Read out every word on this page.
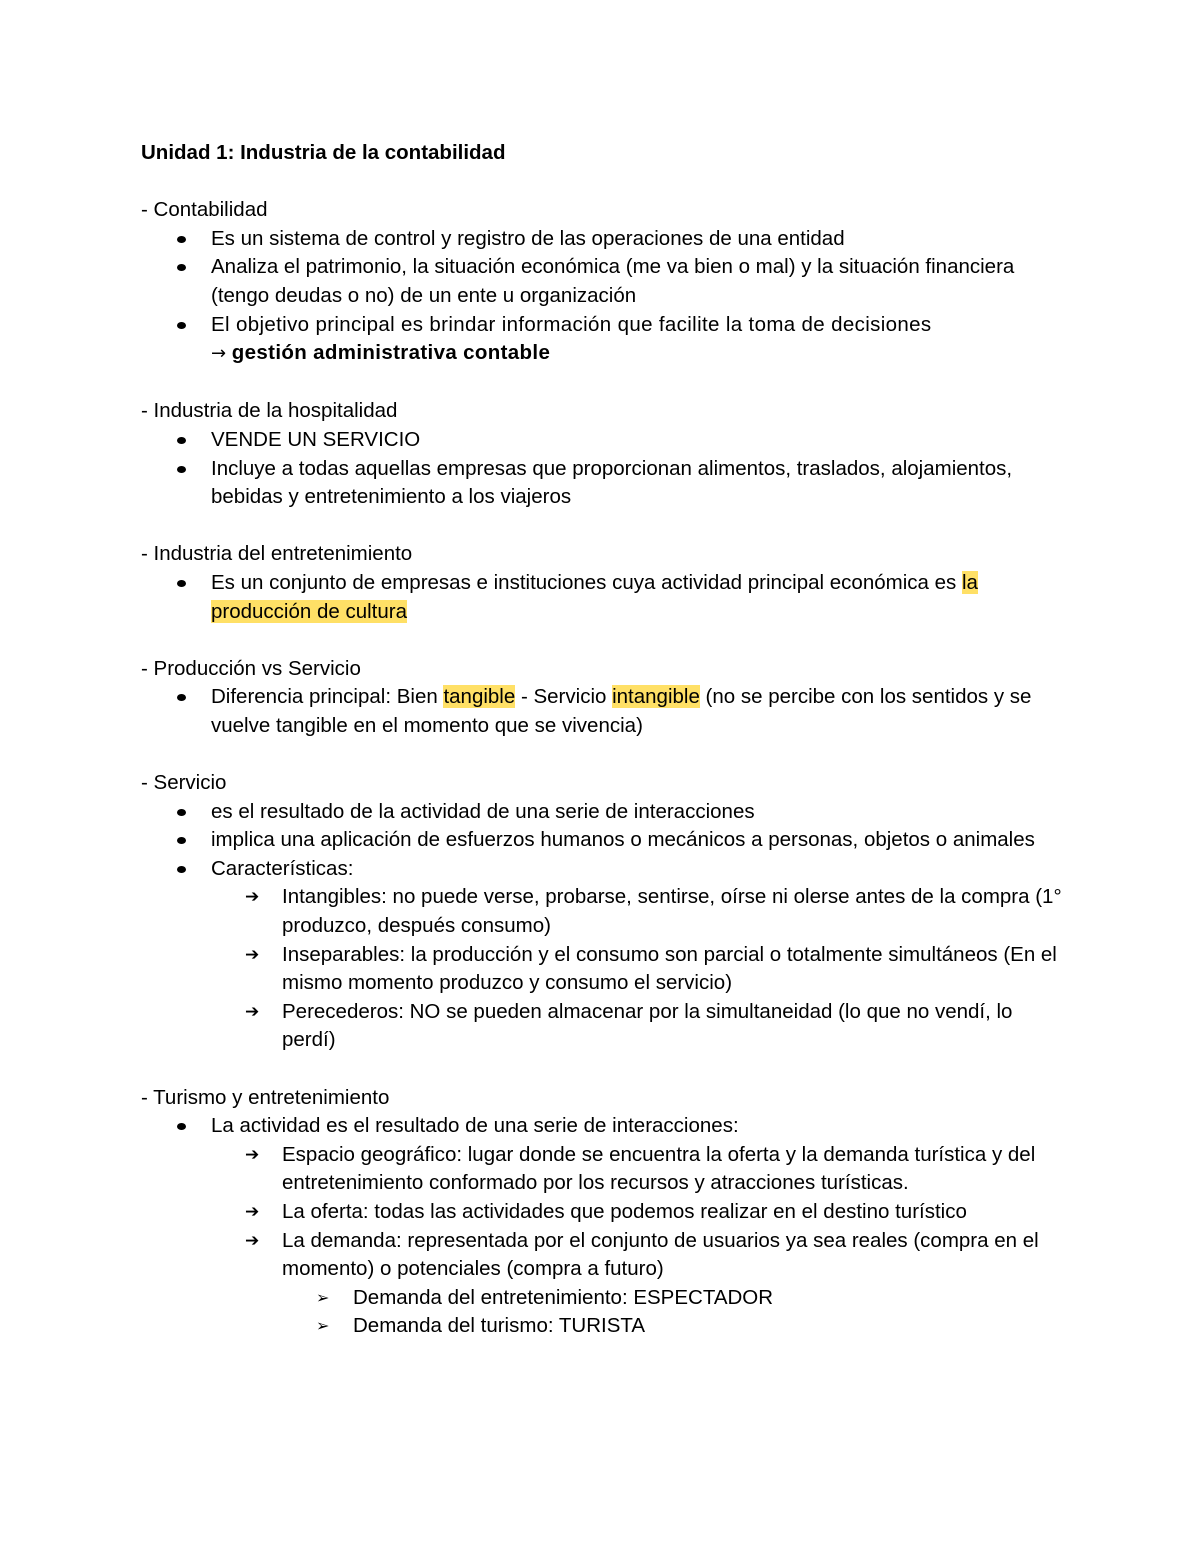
Unidad 1: Industria de la contabilidad
- Contabilidad
Es un sistema de control y registro de las operaciones de una entidad
Analiza el patrimonio, la situación económica (me va bien o mal) y la situación financiera (tengo deudas o no) de un ente u organización
El objetivo principal es brindar información que facilite la toma de decisiones
→ gestión administrativa contable
- Industria de la hospitalidad
VENDE UN SERVICIO
Incluye a todas aquellas empresas que proporcionan alimentos, traslados, alojamientos, bebidas y entretenimiento a los viajeros
- Industria del entretenimiento
Es un conjunto de empresas e instituciones cuya actividad principal económica es la producción de cultura
- Producción vs Servicio
Diferencia principal: Bien tangible - Servicio intangible (no se percibe con los sentidos y se vuelve tangible en el momento que se vivencia)
- Servicio
es el resultado de la actividad de una serie de interacciones
implica una aplicación de esfuerzos humanos o mecánicos a personas, objetos o animales
Características:
➔ Intangibles: no puede verse, probarse, sentirse, oírse ni olerse antes de la compra (1° produzco, después consumo)
➔ Inseparables: la producción y el consumo son parcial o totalmente simultáneos (En el mismo momento produzco y consumo el servicio)
➔ Perecederos: NO se pueden almacenar por la simultaneidad (lo que no vendí, lo perdí)
- Turismo y entretenimiento
La actividad es el resultado de una serie de interacciones:
➔ Espacio geográfico: lugar donde se encuentra la oferta y la demanda turística y del entretenimiento conformado por los recursos y atracciones turísticas.
➔ La oferta: todas las actividades que podemos realizar en el destino turístico
➔ La demanda: representada por el conjunto de usuarios ya sea reales (compra en el momento) o potenciales (compra a futuro)
➢ Demanda del entretenimiento: ESPECTADOR
➢ Demanda del turismo: TURISTA
